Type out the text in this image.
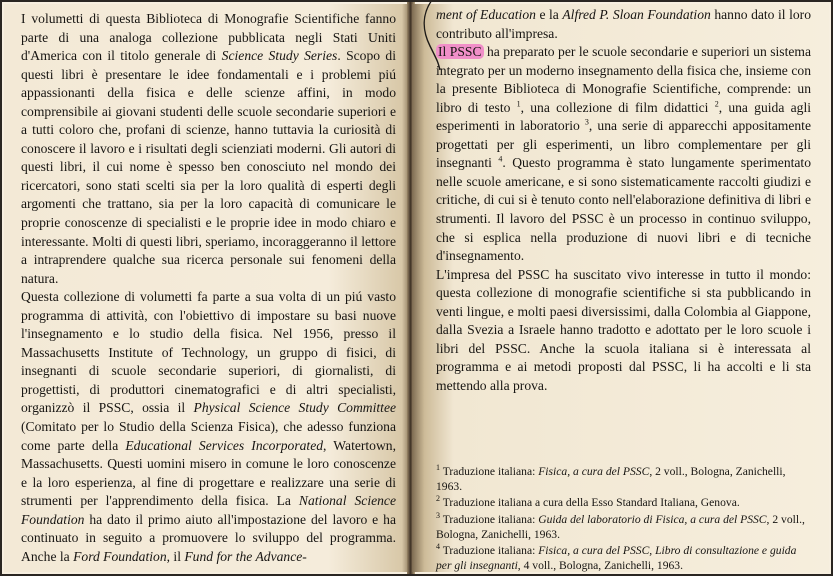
I volumetti di questa Biblioteca di Monografie Scientifiche fanno parte di una analoga collezione pubblicata negli Stati Uniti d'America con il titolo generale di Science Study Series. Scopo di questi libri è presentare le idee fondamentali e i problemi piú appassionanti della fisica e delle scienze affini, in modo comprensibile ai giovani studenti delle scuole secondarie superiori e a tutti coloro che, profani di scienze, hanno tuttavia la curiosità di conoscere il lavoro e i risultati degli scienziati moderni. Gli autori di questi libri, il cui nome è spesso ben conosciuto nel mondo dei ricercatori, sono stati scelti sia per la loro qualità di esperti degli argomenti che trattano, sia per la loro capacità di comunicare le proprie conoscenze di specialisti e le proprie idee in modo chiaro e interessante. Molti di questi libri, speriamo, incoraggeranno il lettore a intraprendere qualche sua ricerca personale sui fenomeni della natura.

Questa collezione di volumetti fa parte a sua volta di un piú vasto programma di attività, con l'obiettivo di impostare su basi nuove l'insegnamento e lo studio della fisica. Nel 1956, presso il Massachusetts Institute of Technology, un gruppo di fisici, di insegnanti di scuole secondarie superiori, di giornalisti, di progettisti, di produttori cinematografici e di altri specialisti, organizzò il PSSC, ossia il Physical Science Study Committee (Comitato per lo Studio della Scienza Fisica), che adesso funziona come parte della Educational Services Incorporated, Watertown, Massachusetts. Questi uomini misero in comune le loro conoscenze e la loro esperienza, al fine di progettare e realizzare una serie di strumenti per l'apprendimento della fisica. La National Science Foundation ha dato il primo aiuto all'impostazione del lavoro e ha continuato in seguito a promuovere lo sviluppo del programma. Anche la Ford Foundation, il Fund for the Advance-

ment of Education e la Alfred P. Sloan Foundation hanno dato il loro contributo all'impresa.

Il PSSC ha preparato per le scuole secondarie e superiori un sistema integrato per un moderno insegnamento della fisica che, insieme con la presente Biblioteca di Monografie Scientifiche, comprende: un libro di testo $^1$, una collezione di film didattici $^2$, una guida agli esperimenti in laboratorio $^3$, una serie di apparecchi appositamente progettati per gli esperimenti, un libro complementare per gli insegnanti $^4$. Questo programma è stato lungamente sperimentato nelle scuole americane, e si sono sistematicamente raccolti giudizi e critiche, di cui si è tenuto conto nell'elaborazione definitiva di libri e strumenti. Il lavoro del PSSC è un processo in continuo sviluppo, che si esplica nella produzione di nuovi libri e di tecniche d'insegnamento.

L'impresa del PSSC ha suscitato vivo interesse in tutto il mondo: questa collezione di monografie scientifiche si sta pubblicando in venti lingue, e molti paesi diversissimi, dalla Colombia al Giappone, dalla Svezia a Israele hanno tradotto e adottato per le loro scuole i libri del PSSC. Anche la scuola italiana si è interessata al programma e ai metodi proposti dal PSSC, li ha accolti e li sta mettendo alla prova.

$^1$ Traduzione italiana: Fisica, a cura del PSSC, 2 voll., Bologna, Zanichelli, 1963.

$^2$ Traduzione italiana a cura della Esso Standard Italiana, Genova.

$^3$ Traduzione italiana: Guida del laboratorio di Fisica, a cura del PSSC, 2 voll., Bologna, Zanichelli, 1963.

$^4$ Traduzione italiana: Fisica, a cura del PSSC, Libro di consultazione e guida per gli insegnanti, 4 voll., Bologna, Zanichelli, 1963.
